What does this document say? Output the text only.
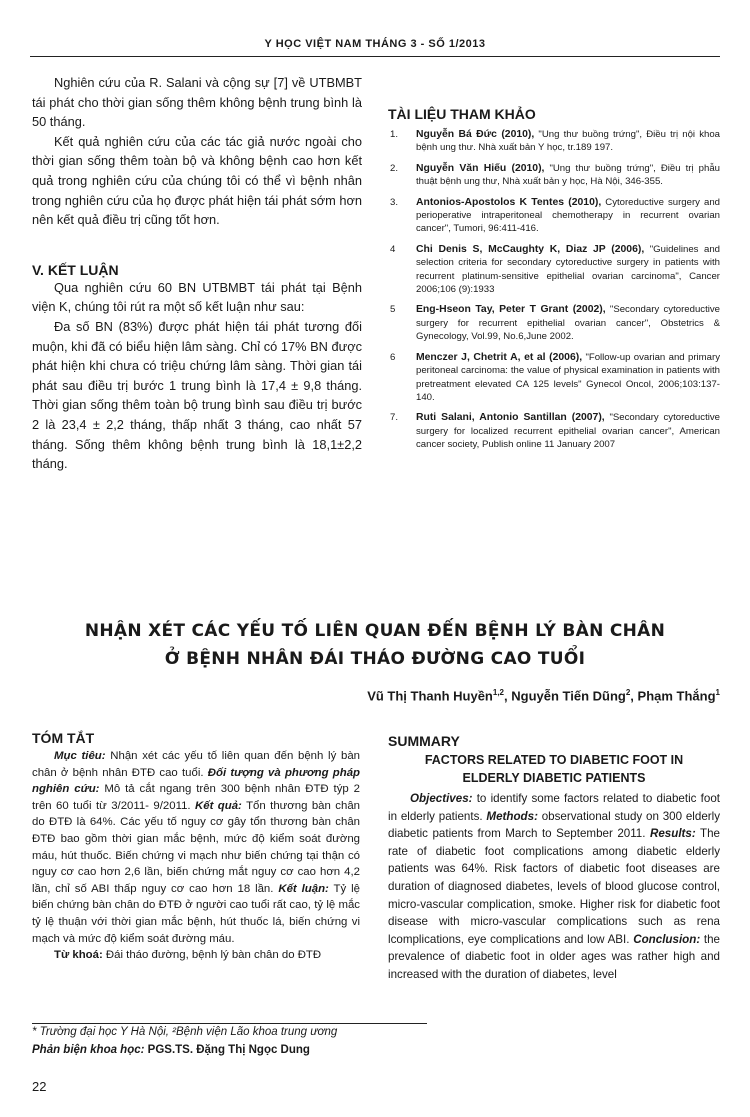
Y HỌC VIỆT NAM THÁNG 3 - SỐ 1/2013

Nghiên cứu của R. Salani và cộng sự [7] về UTBMBT tái phát cho thời gian sống thêm không bệnh trung bình là 50 tháng.

Kết quả nghiên cứu của các tác giả nước ngoài cho thời gian sống thêm toàn bộ và không bệnh cao hơn kết quả trong nghiên cứu của chúng tôi có thể vì bệnh nhân trong nghiên cứu của họ được phát hiện tái phát sớm hơn nên kết quả điều trị cũng tốt hơn.

V. KẾT LUẬN

Qua nghiên cứu 60 BN UTBMBT tái phát tại Bệnh viện K, chúng tôi rút ra một số kết luận như sau:

Đa số BN (83%) được phát hiện tái phát tương đối muộn, khi đã có biểu hiện lâm sàng. Chỉ có 17% BN được phát hiện khi chưa có triệu chứng lâm sàng. Thời gian tái phát sau điều trị bước 1 trung bình là 17,4 ± 9,8 tháng. Thời gian sống thêm toàn bộ trung bình sau điều trị bước 2 là 23,4 ± 2,2 tháng, thấp nhất 3 tháng, cao nhất 57 tháng. Sống thêm không bệnh trung bình là 18,1±2,2 tháng.

TÀI LIỆU THAM KHẢO

1. Nguyễn Bá Đức (2010), "Ung thư buồng trứng", Điều trị nội khoa bệnh ung thư. Nhà xuất bản Y học, tr.189 197.
2. Nguyễn Văn Hiếu (2010), "Ung thư buồng trứng", Điều trị phẫu thuật bệnh ung thư, Nhà xuất bản y học, Hà Nội, 346-355.
3. Antonios-Apostolos K Tentes (2010), Cytoreductive surgery and perioperative intraperitoneal chemotherapy in recurrent ovarian cancer", Tumori, 96:411-416.
4 Chi Denis S, McCaughty K, Diaz JP (2006), "Guidelines and selection criteria for secondary cytoreductive surgery in patients with recurrent platinum-sensitive epithelial ovarian carcinoma", Cancer 2006;106 (9):1933
5 Eng-Hseon Tay, Peter T Grant (2002), "Secondary cytoreductive surgery for recurrent epithelial ovarian cancer", Obstetrics & Gynecology, Vol.99, No.6,June 2002.
6 Menczer J, Chetrit A, et al (2006), "Follow-up ovarian and primary peritoneal carcinoma: the value of physical examination in patients with pretreatment elevated CA 125 levels" Gynecol Oncol, 2006;103:137-140.
7. Ruti Salani, Antonio Santillan (2007), "Secondary cytoreductive surgery for localized recurrent epithelial ovarian cancer", American cancer society, Publish online 11 January 2007
NHẬN XÉT CÁC YẾU TỐ LIÊN QUAN ĐẾN BỆNH LÝ BÀN CHÂN
Ở BỆNH NHÂN ĐÁI THÁO ĐƯỜNG CAO TUỔI
Vũ Thị Thanh Huyền$^{1,2}$, Nguyễn Tiến Dũng$^2$, Phạm Thắng$^1$

TÓM TẮT

Mục tiêu: Nhận xét các yếu tố liên quan đến bệnh lý bàn chân ở bệnh nhân ĐTĐ cao tuổi. Đối tượng và phương pháp nghiên cứu: Mô tả cắt ngang trên 300 bệnh nhân ĐTĐ týp 2 trên 60 tuổi từ 3/2011- 9/2011. Kết quả: Tổn thương bàn chân do ĐTĐ là 64%. Các yếu tố nguy cơ gây tổn thương bàn chân ĐTĐ bao gồm thời gian mắc bệnh, mức độ kiểm soát đường máu, hút thuốc. Biến chứng vi mạch như biến chứng tại thận có nguy cơ cao hơn 2,6 lần, biến chứng mắt nguy cơ cao hơn 4,2 lần, chỉ số ABI thấp nguy cơ cao hơn 18 lần. Kết luận: Tỷ lệ biến chứng bàn chân do ĐTĐ ở người cao tuổi rất cao, tỷ lệ mắc tỷ lệ thuận với thời gian mắc bệnh, hút thuốc lá, biến chứng vi mạch và mức độ kiểm soát đường máu.

Từ khoá: Đái tháo đường, bệnh lý bàn chân do ĐTĐ

SUMMARY

FACTORS RELATED TO DIABETIC FOOT IN

ELDERLY DIABETIC PATIENTS

Objectives: to identify some factors related to diabetic foot in elderly patients. Methods: observational study on 300 elderly diabetic patients from March to September 2011. Results: The rate of diabetic foot complications among diabetic elderly patients was 64%. Risk factors of diabetic foot diseases are duration of diagnosed diabetes, levels of blood glucose control, micro-vascular complication, smoke. Higher risk for diabetic foot disease with micro-vascular complications such as rena lcomplications, eye complications and low ABI. Conclusion: the prevalence of diabetic foot in older ages was rather high and increased with the duration of diabetes, level

* Trường đại học Y Hà Nội, ²Bệnh viện Lão khoa trung ương
Phản biện khoa học: PGS.TS. Đặng Thị Ngọc Dung
22
